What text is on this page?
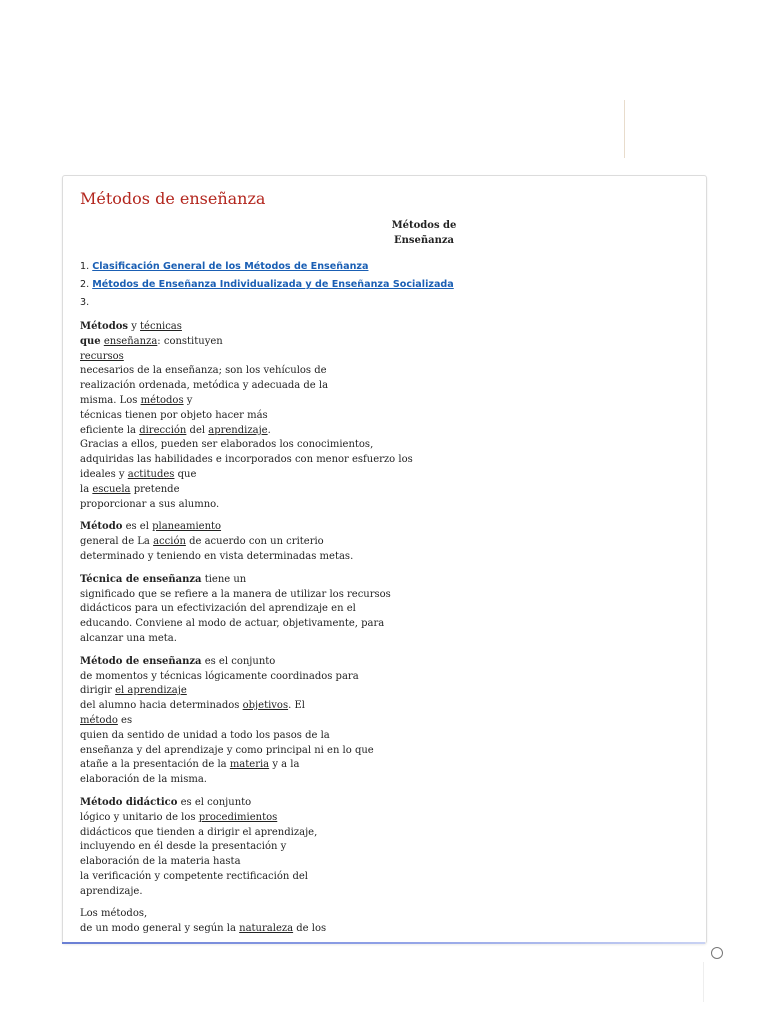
Métodos de enseñanza
Métodos de
Enseñanza
1. Clasificación General de los Métodos de Enseñanza
2. Métodos de Enseñanza Individualizada y de Enseñanza Socializada
3.
Métodos y técnicas
que enseñanza: constituyen
recursos
necesarios de la enseñanza; son los vehículos de
realización ordenada, metódica y adecuada de la
misma. Los métodos y
técnicas tienen por objeto hacer más
eficiente la dirección del aprendizaje.
Gracias a ellos, pueden ser elaborados los conocimientos,
adquiridas las habilidades e incorporados con menor esfuerzo los
ideales y actitudes que
la escuela pretende
proporcionar a sus alumno.
Método es el planeamiento
general de La acción de acuerdo con un criterio
determinado y teniendo en vista determinadas metas.
Técnica de enseñanza tiene un
significado que se refiere a la manera de utilizar los recursos
didácticos para un efectivización del aprendizaje en el
educando. Conviene al modo de actuar, objetivamente, para
alcanzar una meta.
Método de enseñanza es el conjunto
de momentos y técnicas lógicamente coordinados para
dirigir el aprendizaje
del alumno hacia determinados objetivos. El
método es
quien da sentido de unidad a todo los pasos de la
enseñanza y del aprendizaje y como principal ni en lo que
atañe a la presentación de la materia y a la
elaboración de la misma.
Método didáctico es el conjunto
lógico y unitario de los procedimientos
didácticos que tienden a dirigir el aprendizaje,
incluyendo en él desde la presentación y
elaboración de la materia hasta
la verificación y competente rectificación del
aprendizaje.
Los métodos,
de un modo general y según la naturaleza de los
